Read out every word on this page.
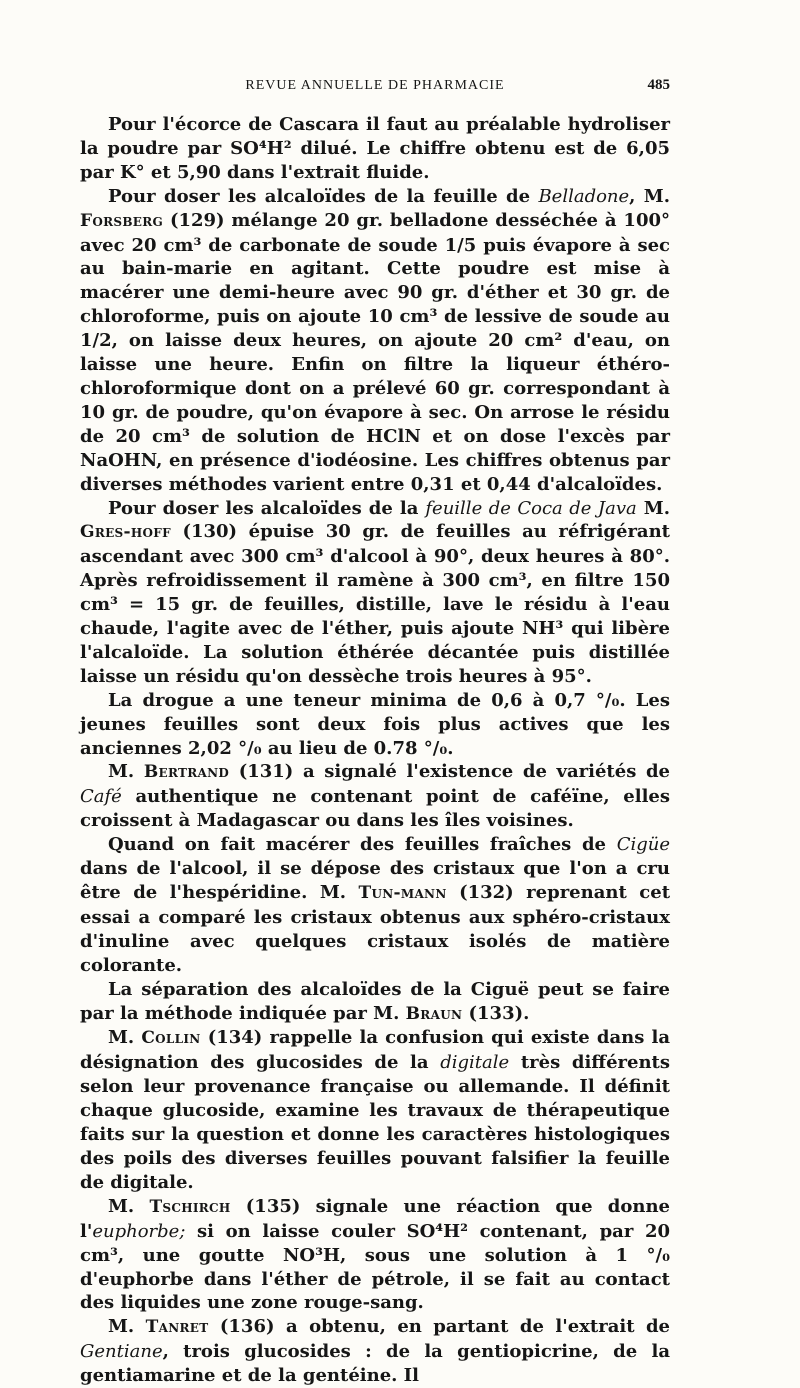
REVUE ANNUELLE DE PHARMACIE	485

Pour l'écorce de Cascara il faut au préalable hydroliser la poudre par SO⁴H² dilué. Le chiffre obtenu est de 6,05 par K° et 5,90 dans l'extrait fluide.

Pour doser les alcaloïdes de la feuille de Belladone, M. Forsberg (129) mélange 20 gr. belladone desséchée à 100° avec 20 cm³ de carbonate de soude 1/5 puis évapore à sec au bain-marie en agitant. Cette poudre est mise à macérer une demi-heure avec 90 gr. d'éther et 30 gr. de chloroforme, puis on ajoute 10 cm³ de lessive de soude au 1/2, on laisse deux heures, on ajoute 20 cm² d'eau, on laisse une heure. Enfin on filtre la liqueur éthéro-chloroformique dont on a prélevé 60 gr. correspondant à 10 gr. de poudre, qu'on évapore à sec. On arrose le résidu de 20 cm³ de solution de HClN et on dose l'excès par NaOHN, en présence d'iodéosine. Les chiffres obtenus par diverses méthodes varient entre 0,31 et 0,44 d'alcaloïdes.

Pour doser les alcaloïdes de la feuille de Coca de Java M. Gres-hoff (130) épuise 30 gr. de feuilles au réfrigérant ascendant avec 300 cm³ d'alcool à 90°, deux heures à 80°. Après refroidissement il ramène à 300 cm³, en filtre 150 cm³ = 15 gr. de feuilles, distille, lave le résidu à l'eau chaude, l'agite avec de l'éther, puis ajoute NH³ qui libère l'alcaloïde. La solution éthérée décantée puis distillée laisse un résidu qu'on dessèche trois heures à 95°.

La drogue a une teneur minima de 0,6 à 0,7 °/₀. Les jeunes feuilles sont deux fois plus actives que les anciennes 2,02 °/₀ au lieu de 0.78 °/₀.

M. Bertrand (131) a signalé l'existence de variétés de Café authentique ne contenant point de caféïne, elles croissent à Madagascar ou dans les îles voisines.

Quand on fait macérer des feuilles fraîches de Cigüe dans de l'alcool, il se dépose des cristaux que l'on a cru être de l'hespéridine. M. Tun-mann (132) reprenant cet essai a comparé les cristaux obtenus aux sphéro-cristaux d'inuline avec quelques cristaux isolés de matière colorante.

La séparation des alcaloïdes de la Ciguë peut se faire par la méthode indiquée par M. Braun (133).

M. Collin (134) rappelle la confusion qui existe dans la désignation des glucosides de la digitale très différents selon leur provenance française ou allemande. Il définit chaque glucoside, examine les travaux de thérapeutique faits sur la question et donne les caractères histologiques des poils des diverses feuilles pouvant falsifier la feuille de digitale.

M. Tschirch (135) signale une réaction que donne l'euphorbe; si on laisse couler SO⁴H² contenant, par 20 cm³, une goutte NO³H, sous une solution à 1 °/₀ d'euphorbe dans l'éther de pétrole, il se fait au contact des liquides une zone rouge-sang.

M. Tanret (136) a obtenu, en partant de l'extrait de Gentiane, trois glucosides : de la gentiopicrine, de la gentiamarine et de la gentéine. Il
